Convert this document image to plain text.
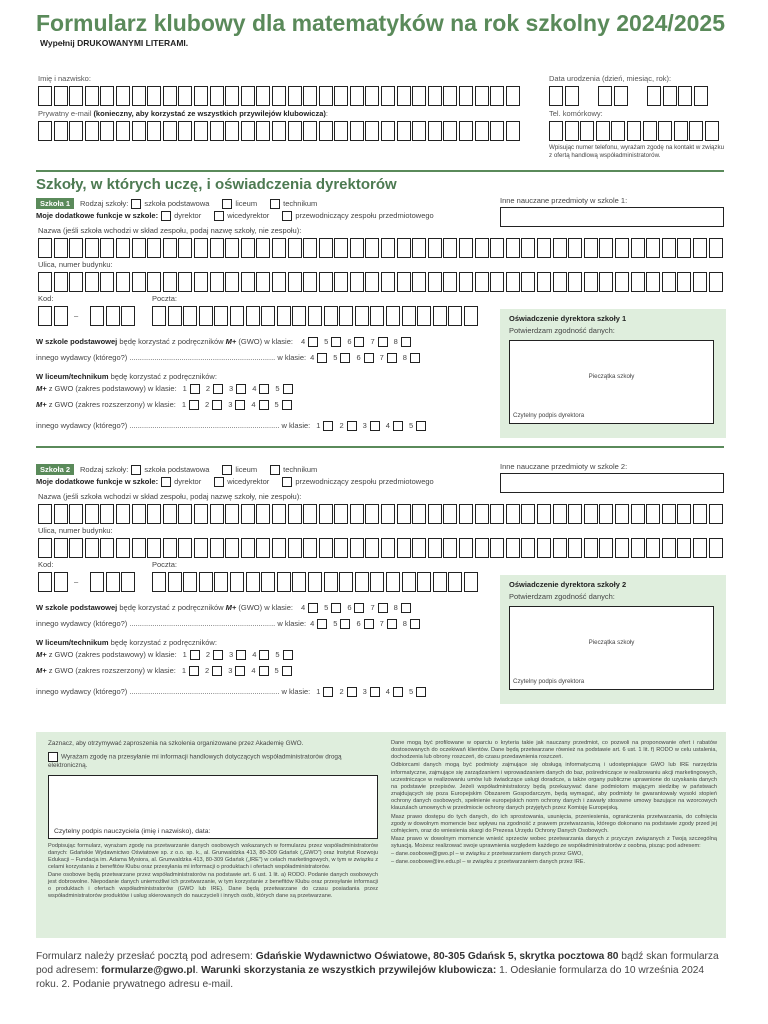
Formularz klubowy dla matematyków na rok szkolny 2024/2025
Wypełnij DRUKOWANYMI LITERAMI.
Imię i nazwisko:
Prywatny e-mail (konieczny, aby korzystać ze wszystkich przywilejów klubowicza):
Data urodzenia (dzień, miesiąc, rok):
Tel. komórkowy:
Wpisując numer telefonu, wyrażam zgodę na kontakt w związku z ofertą handlową współadministratorów.
Szkoły, w których uczę, i oświadczenia dyrektorów
Szkoła 1 Rodzaj szkoły: szkoła podstawowa	liceum	technikum
Moje dodatkowe funkcje w szkole: dyrektor	wicedyrektor	przewodniczący zespołu przedmiotowego
Inne nauczane przedmioty w szkole 1:
Nazwa (jeśli szkoła wchodzi w skład zespołu, podaj nazwę szkoły, nie zespołu):
Ulica, numer budynku:
Kod:	Poczta:
–
W szkole podstawowej będę korzystać z podręczników M+ (GWO) w klasie: 4	5	6	7	8
innego wydawcy (którego?) ...................................................................... w klasie: 4	5	6	7	8
W liceum/technikum będę korzystać z podręczników:
M+ z GWO (zakres podstawowy) w klasie: 1	2	3	4	5
M+ z GWO (zakres rozszerzony) w klasie: 1	2	3	4	5
innego wydawcy (którego?) ........................................................................ w klasie: 1	2	3	4	5
Oświadczenie dyrektora szkoły 1
Potwierdzam zgodność danych:
Pieczątka szkoły
Czytelny podpis dyrektora
Szkoła 2 Rodzaj szkoły: szkoła podstawowa	liceum	technikum
Moje dodatkowe funkcje w szkole: dyrektor	wicedyrektor	przewodniczący zespołu przedmiotowego
Inne nauczane przedmioty w szkole 2:
Nazwa (jeśli szkoła wchodzi w skład zespołu, podaj nazwę szkoły, nie zespołu):
Ulica, numer budynku:
Kod:	Poczta:
–
W szkole podstawowej będę korzystać z podręczników M+ (GWO) w klasie: 4	5	6	7	8
innego wydawcy (którego?) ...................................................................... w klasie: 4	5	6	7	8
W liceum/technikum będę korzystać z podręczników:
M+ z GWO (zakres podstawowy) w klasie: 1	2	3	4	5
M+ z GWO (zakres rozszerzony) w klasie: 1	2	3	4	5
innego wydawcy (którego?) ........................................................................ w klasie: 1	2	3	4	5
Oświadczenie dyrektora szkoły 2
Potwierdzam zgodność danych:
Pieczątka szkoły
Czytelny podpis dyrektora
Zaznacz, aby otrzymywać zaproszenia na szkolenia organizowane przez Akademię GWO.
Wyrażam zgodę na przesyłanie mi informacji handlowych dotyczących współadministratorów drogą elektroniczną.
Czytelny podpis nauczyciela (imię i nazwisko), data:

Podpisując formularz, wyrażam zgodę na przetwarzanie danych osobowych wskazanych w formularzu przez współadministratorów danych: Gdańskie Wydawnictwo Oświatowe sp. z o.o. sp. k., al. Grunwaldzka 413, 80-309 Gdańsk („GWO”) oraz Instytut Rozwoju Edukacji – Fundacja im. Adama Mysiora, al. Grunwaldzka 413, 80-309 Gdańsk („IRE”) w celach marketingowych, w tym w związku z celami korzystania z benefitów Klubu oraz przesyłania mi informacji o produktach i ofertach współadministratorów.

Dane osobowe będą przetwarzane przez współadministratorów na podstawie art. 6 ust. 1 lit. a) RODO. Podanie danych osobowych jest dobrowolne. Niepodanie danych uniemożliwi ich przetwarzanie, w tym korzystanie z benefitów Klubu oraz przesyłanie informacji o produktach i ofertach współadministratorów (GWO lub IRE). Dane będą przetwarzane do czasu posiadania przez współadministratorów produktów i usług skierowanych do nauczycieli i innych osób, których dane są przetwarzane.

Dane mogą być profilowane w oparciu o kryteria takie jak nauczany przedmiot, co pozwoli na proponowanie ofert i rabatów dostosowanych do oczekiwań klientów. Dane będą przetwarzane również na podstawie art. 6 ust. 1 lit. f) RODO w celu ustalenia, dochodzenia lub obrony roszczeń, do czasu przedawnienia roszczeń.

Odbiorcami danych mogą być podmioty zajmujące się obsługą informatyczną i udostępniające GWO lub IRE narzędzia informatyczne, zajmujące się zarządzaniem i wprowadzaniem danych do baz, pośredniczące w realizowaniu akcji marketingowych, uczestniczące w realizowaniu umów lub świadczące usługi doradcze, a także organy publiczne uprawnione do uzyskania danych na podstawie przepisów. Jeżeli współadministratorzy będą przekazywać dane podmiotom mającym siedzibę w państwach znajdujących się poza Europejskim Obszarem Gospodarczym, będą wymagać, aby podmioty te gwarantowały wysoki stopień ochrony danych osobowych, spełnienie europejskich norm ochrony danych i zawarły stosowne umowy bazujące na wzorcowych klauzulach umownych w przedmiocie ochrony danych przyjętych przez Komisję Europejską.

Masz prawo dostępu do tych danych, do ich sprostowania, usunięcia, przeniesienia, ograniczenia przetwarzania, do cofnięcia zgody w dowolnym momencie bez wpływu na zgodność z prawem przetwarzania, którego dokonano na podstawie zgody przed jej cofnięciem, oraz do wniesienia skargi do Prezesa Urzędu Ochrony Danych Osobowych.

Masz prawo w dowolnym momencie wnieść sprzeciw wobec przetwarzania danych z przyczyn związanych z Twoją szczególną sytuacją. Możesz realizować swoje uprawnienia względem każdego ze współadministratorów z osobna, pisząc pod adresem:

– dane.osobowe@gwo.pl – w związku z przetwarzaniem danych przez GWO,

– dane.osobowe@ire.edu.pl – w związku z przetwarzaniem danych przez IRE.

Formularz należy przesłać pocztą pod adresem: Gdańskie Wydawnictwo Oświatowe, 80-305 Gdańsk 5, skrytka pocztowa 80 bądź skan formularza pod adresem: formularze@gwo.pl. Warunki skorzystania ze wszystkich przywilejów klubowicza: 1. Odesłanie formularza do 10 września 2024 roku. 2. Podanie prywatnego adresu e-mail.
